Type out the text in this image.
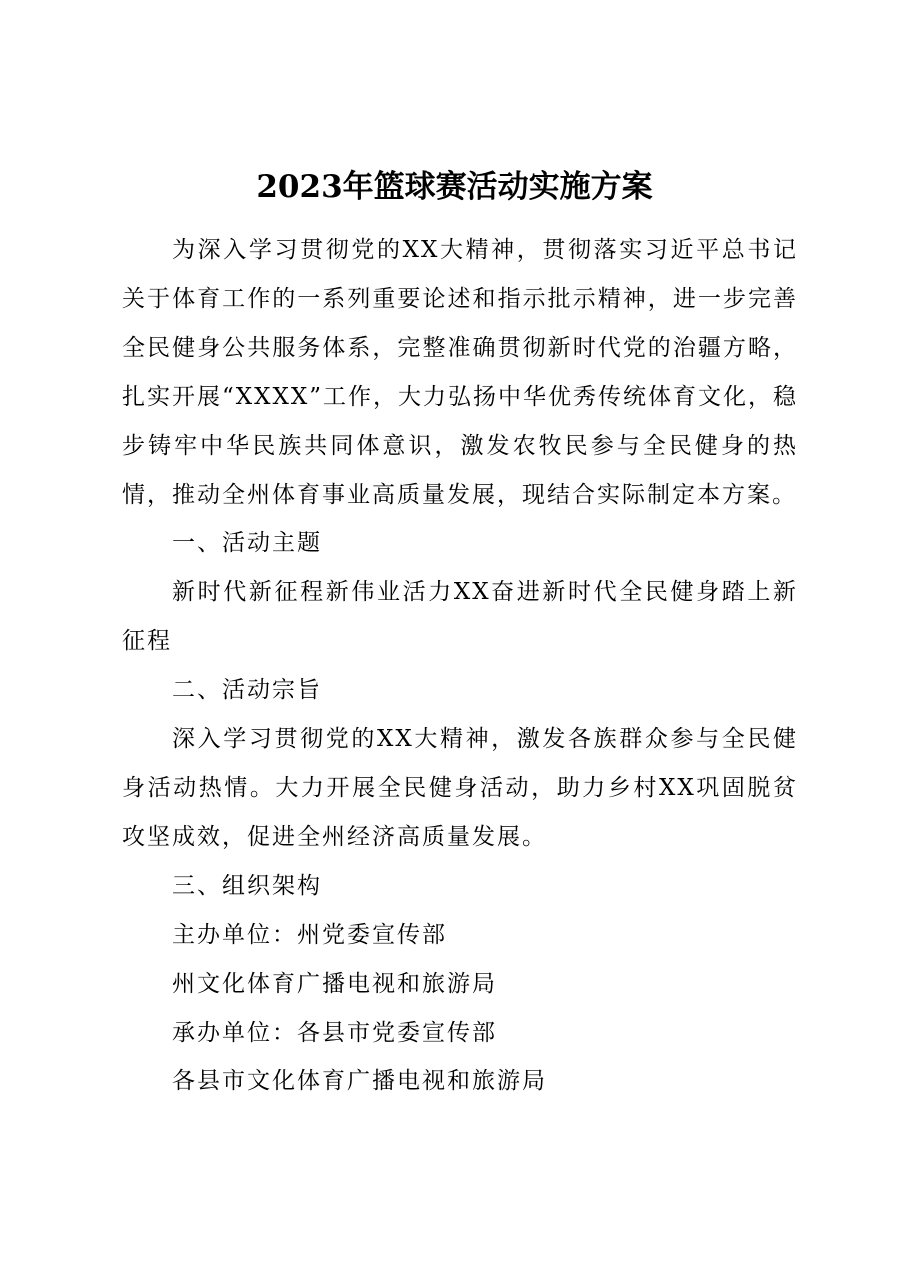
2023年篮球赛活动实施方案

为深入学习贯彻党的XX大精神，贯彻落实习近平总书记关于体育工作的一系列重要论述和指示批示精神，进一步完善全民健身公共服务体系，完整准确贯彻新时代党的治疆方略，扎实开展“XXXX”工作，大力弘扬中华优秀传统体育文化，稳步铸牢中华民族共同体意识，激发农牧民参与全民健身的热情，推动全州体育事业高质量发展，现结合实际制定本方案。

一、活动主题

新时代新征程新伟业活力XX奋进新时代全民健身踏上新征程

二、活动宗旨

深入学习贯彻党的XX大精神，激发各族群众参与全民健身活动热情。大力开展全民健身活动，助力乡村XX巩固脱贫攻坚成效，促进全州经济高质量发展。

三、组织架构

主办单位：州党委宣传部

州文化体育广播电视和旅游局

承办单位：各县市党委宣传部

各县市文化体育广播电视和旅游局
